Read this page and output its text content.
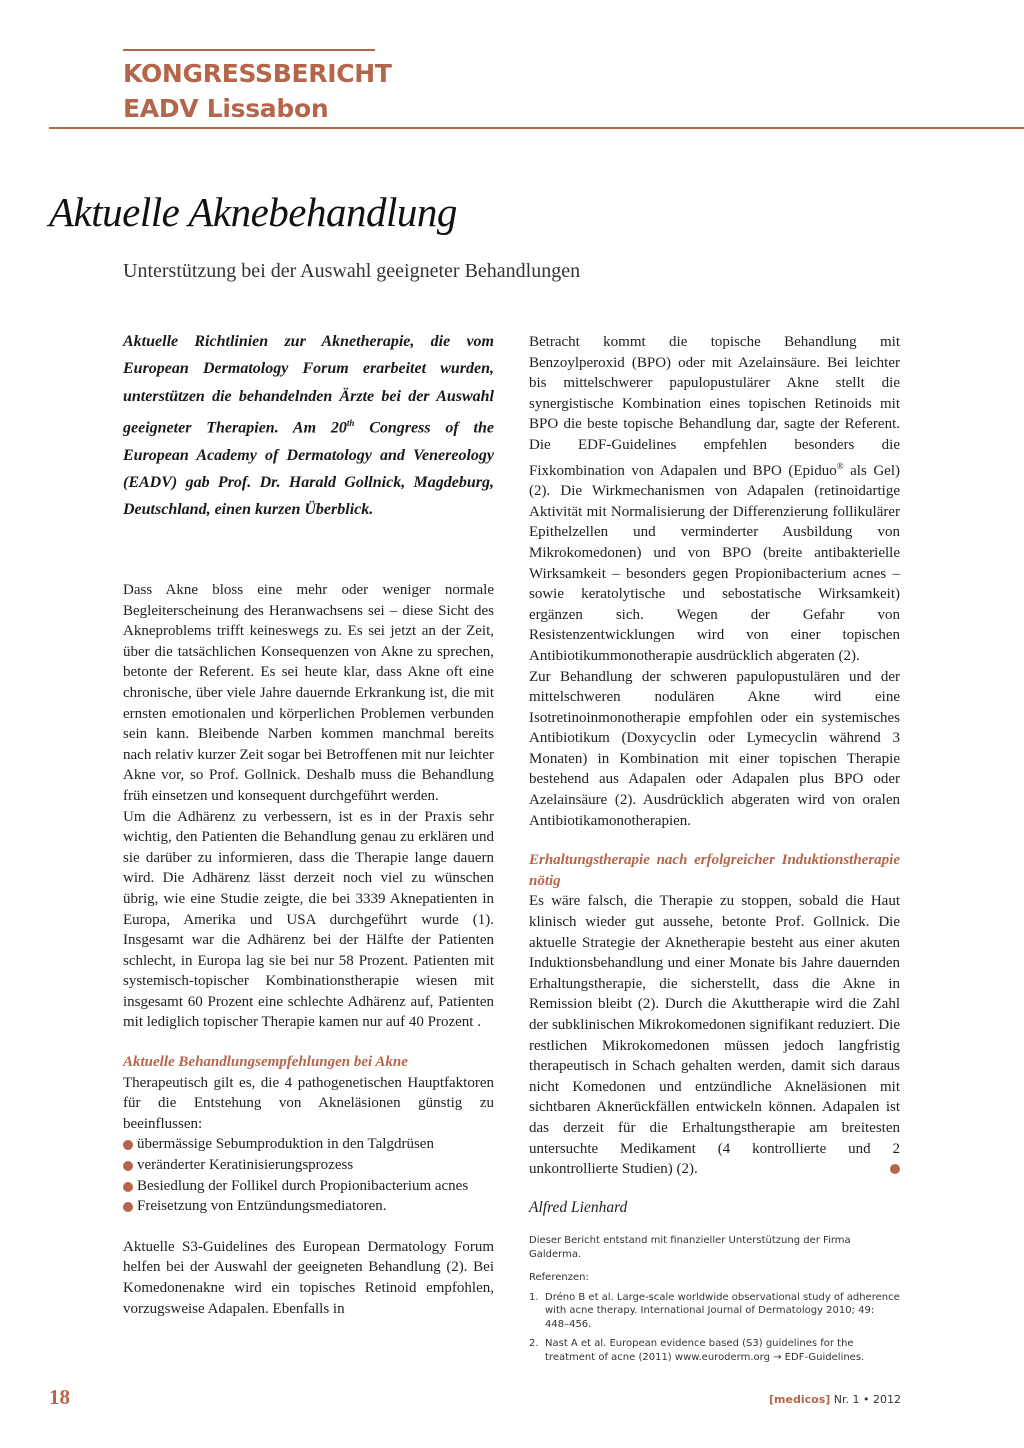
KONGRESSBERICHT
EADV Lissabon
Aktuelle Aknebehandlung

Unterstützung bei der Auswahl geeigneter Behandlungen

Aktuelle Richtlinien zur Aknetherapie, die vom European Dermatology Forum erarbeitet wurden, unterstützen die behandelnden Ärzte bei der Auswahl geeigneter Therapien. Am 20th Congress of the European Academy of Dermatology and Venereology (EADV) gab Prof. Dr. Harald Gollnick, Magdeburg, Deutschland, einen kurzen Überblick.

Dass Akne bloss eine mehr oder weniger normale Begleiterscheinung des Heranwachsens sei – diese Sicht des Akneproblems trifft keineswegs zu. Es sei jetzt an der Zeit, über die tatsächlichen Konsequenzen von Akne zu sprechen, betonte der Referent. Es sei heute klar, dass Akne oft eine chronische, über viele Jahre dauernde Erkrankung ist, die mit ernsten emotionalen und körperlichen Problemen verbunden sein kann. Bleibende Narben kommen manchmal bereits nach relativ kurzer Zeit sogar bei Betroffenen mit nur leichter Akne vor, so Prof. Gollnick. Deshalb muss die Behandlung früh einsetzen und konsequent durchgeführt werden.

Um die Adhärenz zu verbessern, ist es in der Praxis sehr wichtig, den Patienten die Behandlung genau zu erklären und sie darüber zu informieren, dass die Therapie lange dauern wird. Die Adhärenz lässt derzeit noch viel zu wünschen übrig, wie eine Studie zeigte, die bei 3339 Aknepatienten in Europa, Amerika und USA durchgeführt wurde (1). Insgesamt war die Adhärenz bei der Hälfte der Patienten schlecht, in Europa lag sie bei nur 58 Prozent. Patienten mit systemisch-topischer Kombinationstherapie wiesen mit insgesamt 60 Prozent eine schlechte Adhärenz auf, Patienten mit lediglich topischer Therapie kamen nur auf 40 Prozent .

Aktuelle Behandlungsempfehlungen bei Akne

Therapeutisch gilt es, die 4 pathogenetischen Hauptfaktoren für die Entstehung von Akneläsionen günstig zu beeinflussen:

übermässige Sebumproduktion in den Talgdrüsen
veränderter Keratinisierungsprozess
Besiedlung der Follikel durch Propionibacterium acnes
Freisetzung von Entzündungsmediatoren.

Aktuelle S3-Guidelines des European Dermatology Forum helfen bei der Auswahl der geeigneten Behandlung (2). Bei Komedonenakne wird ein topisches Retinoid empfohlen, vorzugsweise Adapalen. Ebenfalls in

Betracht kommt die topische Behandlung mit Benzoylperoxid (BPO) oder mit Azelainsäure. Bei leichter bis mittelschwerer papulopustulärer Akne stellt die synergistische Kombination eines topischen Retinoids mit BPO die beste topische Behandlung dar, sagte der Referent. Die EDF-Guidelines empfehlen besonders die Fixkombination von Adapalen und BPO (Epiduo® als Gel) (2). Die Wirkmechanismen von Adapalen (retinoidartige Aktivität mit Normalisierung der Differenzierung follikulärer Epithelzellen und verminderter Ausbildung von Mikrokomedonen) und von BPO (breite antibakterielle Wirksamkeit – besonders gegen Propionibacterium acnes – sowie keratolytische und sebostatische Wirksamkeit) ergänzen sich. Wegen der Gefahr von Resistenzentwicklungen wird von einer topischen Antibiotikummonotherapie ausdrücklich abgeraten (2).

Zur Behandlung der schweren papulopustulären und der mittelschweren nodulären Akne wird eine Isotretinoinmonotherapie empfohlen oder ein systemisches Antibiotikum (Doxycyclin oder Lymecyclin während 3 Monaten) in Kombination mit einer topischen Therapie bestehend aus Adapalen oder Adapalen plus BPO oder Azelainsäure (2). Ausdrücklich abgeraten wird von oralen Antibiotikamonotherapien.

Erhaltungstherapie nach erfolgreicher Induktionstherapie nötig

Es wäre falsch, die Therapie zu stoppen, sobald die Haut klinisch wieder gut aussehe, betonte Prof. Gollnick. Die aktuelle Strategie der Aknetherapie besteht aus einer akuten Induktionsbehandlung und einer Monate bis Jahre dauernden Erhaltungstherapie, die sicherstellt, dass die Akne in Remission bleibt (2). Durch die Akuttherapie wird die Zahl der subklinischen Mikrokomedonen signifikant reduziert. Die restlichen Mikrokomedonen müssen jedoch langfristig therapeutisch in Schach gehalten werden, damit sich daraus nicht Komedonen und entzündliche Akneläsionen mit sichtbaren Aknerückfällen entwickeln können. Adapalen ist das derzeit für die Erhaltungstherapie am breitesten untersuchte Medikament (4 kontrollierte und 2 unkontrollierte Studien) (2).

Alfred Lienhard

Dieser Bericht entstand mit finanzieller Unterstützung der Firma Galderma.

Referenzen:

1. Dréno B et al. Large-scale worldwide observational study of adherence with acne therapy. International Journal of Dermatology 2010; 49: 448–456.
2. Nast A et al. European evidence based (S3) guidelines for the treatment of acne (2011) www.euroderm.org → EDF-Guidelines.
18	[medicos] Nr. 1 • 2012
